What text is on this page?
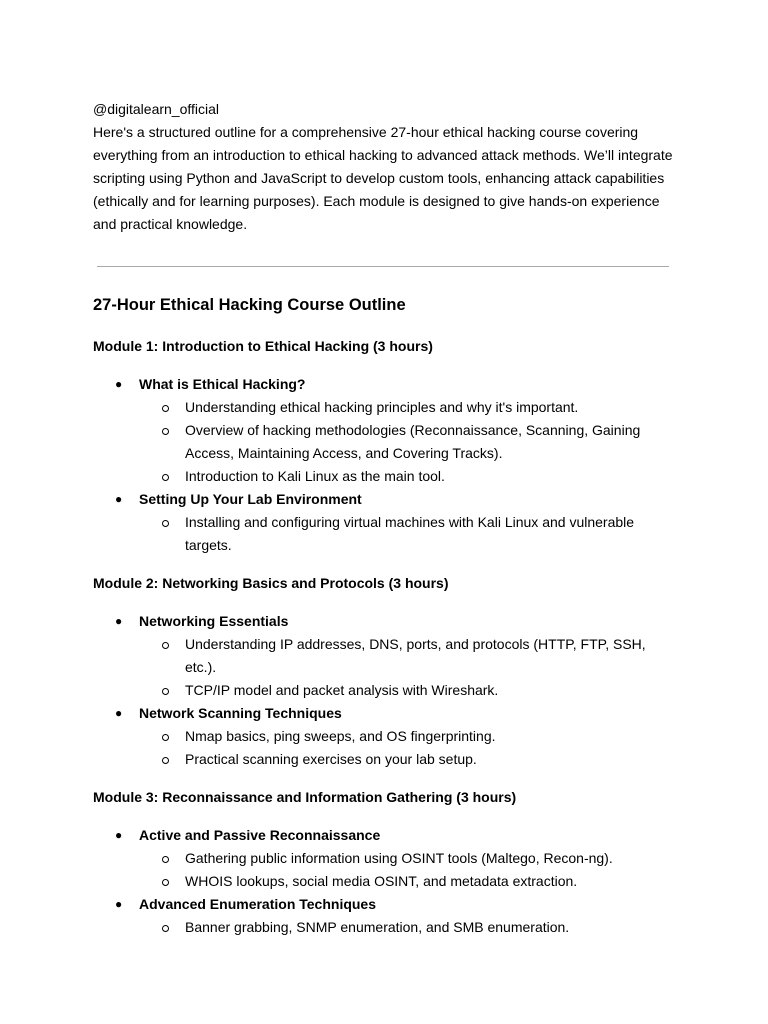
@digitalearn_official

Here's a structured outline for a comprehensive 27-hour ethical hacking course covering everything from an introduction to ethical hacking to advanced attack methods. We’ll integrate scripting using Python and JavaScript to develop custom tools, enhancing attack capabilities (ethically and for learning purposes). Each module is designed to give hands-on experience and practical knowledge.

27-Hour Ethical Hacking Course Outline
Module 1: Introduction to Ethical Hacking (3 hours)
● What is Ethical Hacking?
Understanding ethical hacking principles and why it's important.
Overview of hacking methodologies (Reconnaissance, Scanning, Gaining Access, Maintaining Access, and Covering Tracks).
Introduction to Kali Linux as the main tool.
● Setting Up Your Lab Environment
Installing and configuring virtual machines with Kali Linux and vulnerable targets.
Module 2: Networking Basics and Protocols (3 hours)
● Networking Essentials
Understanding IP addresses, DNS, ports, and protocols (HTTP, FTP, SSH, etc.).
TCP/IP model and packet analysis with Wireshark.
● Network Scanning Techniques
Nmap basics, ping sweeps, and OS fingerprinting.
Practical scanning exercises on your lab setup.
Module 3: Reconnaissance and Information Gathering (3 hours)
● Active and Passive Reconnaissance
Gathering public information using OSINT tools (Maltego, Recon-ng).
WHOIS lookups, social media OSINT, and metadata extraction.
● Advanced Enumeration Techniques
Banner grabbing, SNMP enumeration, and SMB enumeration.
